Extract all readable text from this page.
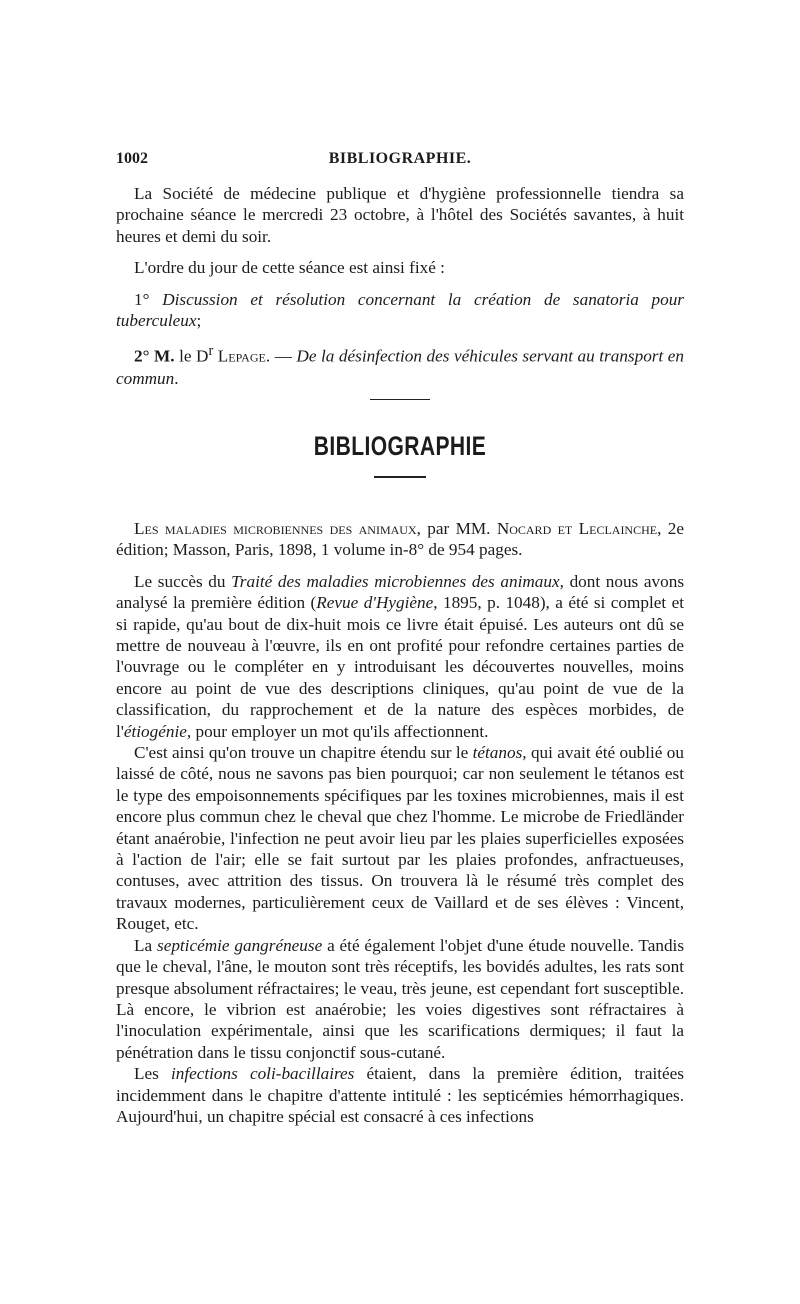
1002	BIBLIOGRAPHIE.

La Société de médecine publique et d'hygiène professionnelle tiendra sa prochaine séance le mercredi 23 octobre, à l'hôtel des Sociétés savantes, à huit heures et demi du soir.

L'ordre du jour de cette séance est ainsi fixé :

1° Discussion et résolution concernant la création de sanatoria pour tuberculeux;

2° M. le $D^r$ Lepage. — De la désinfection des véhicules servant au transport en commun.

BIBLIOGRAPHIE

Les maladies microbiennes des animaux, par MM. Nocard et Leclainche, 2e édition; Masson, Paris, 1898, 1 volume in-8° de 954 pages.

Le succès du Traité des maladies microbiennes des animaux, dont nous avons analysé la première édition (Revue d'Hygiène, 1895, p. 1048), a été si complet et si rapide, qu'au bout de dix-huit mois ce livre était épuisé. Les auteurs ont dû se mettre de nouveau à l'œuvre, ils en ont profité pour refondre certaines parties de l'ouvrage ou le compléter en y introduisant les découvertes nouvelles, moins encore au point de vue des descriptions cliniques, qu'au point de vue de la classification, du rapprochement et de la nature des espèces morbides, de l'étiogénie, pour employer un mot qu'ils affectionnent.

C'est ainsi qu'on trouve un chapitre étendu sur le tétanos, qui avait été oublié ou laissé de côté, nous ne savons pas bien pourquoi; car non seulement le tétanos est le type des empoisonnements spécifiques par les toxines microbiennes, mais il est encore plus commun chez le cheval que chez l'homme. Le microbe de Friedländer étant anaérobie, l'infection ne peut avoir lieu par les plaies superficielles exposées à l'action de l'air; elle se fait surtout par les plaies profondes, anfractueuses, contuses, avec attrition des tissus. On trouvera là le résumé très complet des travaux modernes, particulièrement ceux de Vaillard et de ses élèves : Vincent, Rouget, etc.

La septicémie gangréneuse a été également l'objet d'une étude nouvelle. Tandis que le cheval, l'âne, le mouton sont très réceptifs, les bovidés adultes, les rats sont presque absolument réfractaires; le veau, très jeune, est cependant fort susceptible. Là encore, le vibrion est anaérobie; les voies digestives sont réfractaires à l'inoculation expérimentale, ainsi que les scarifications dermiques; il faut la pénétration dans le tissu conjonctif sous-cutané.

Les infections coli-bacillaires étaient, dans la première édition, traitées incidemment dans le chapitre d'attente intitulé : les septicémies hémorrhagiques. Aujourd'hui, un chapitre spécial est consacré à ces infections
